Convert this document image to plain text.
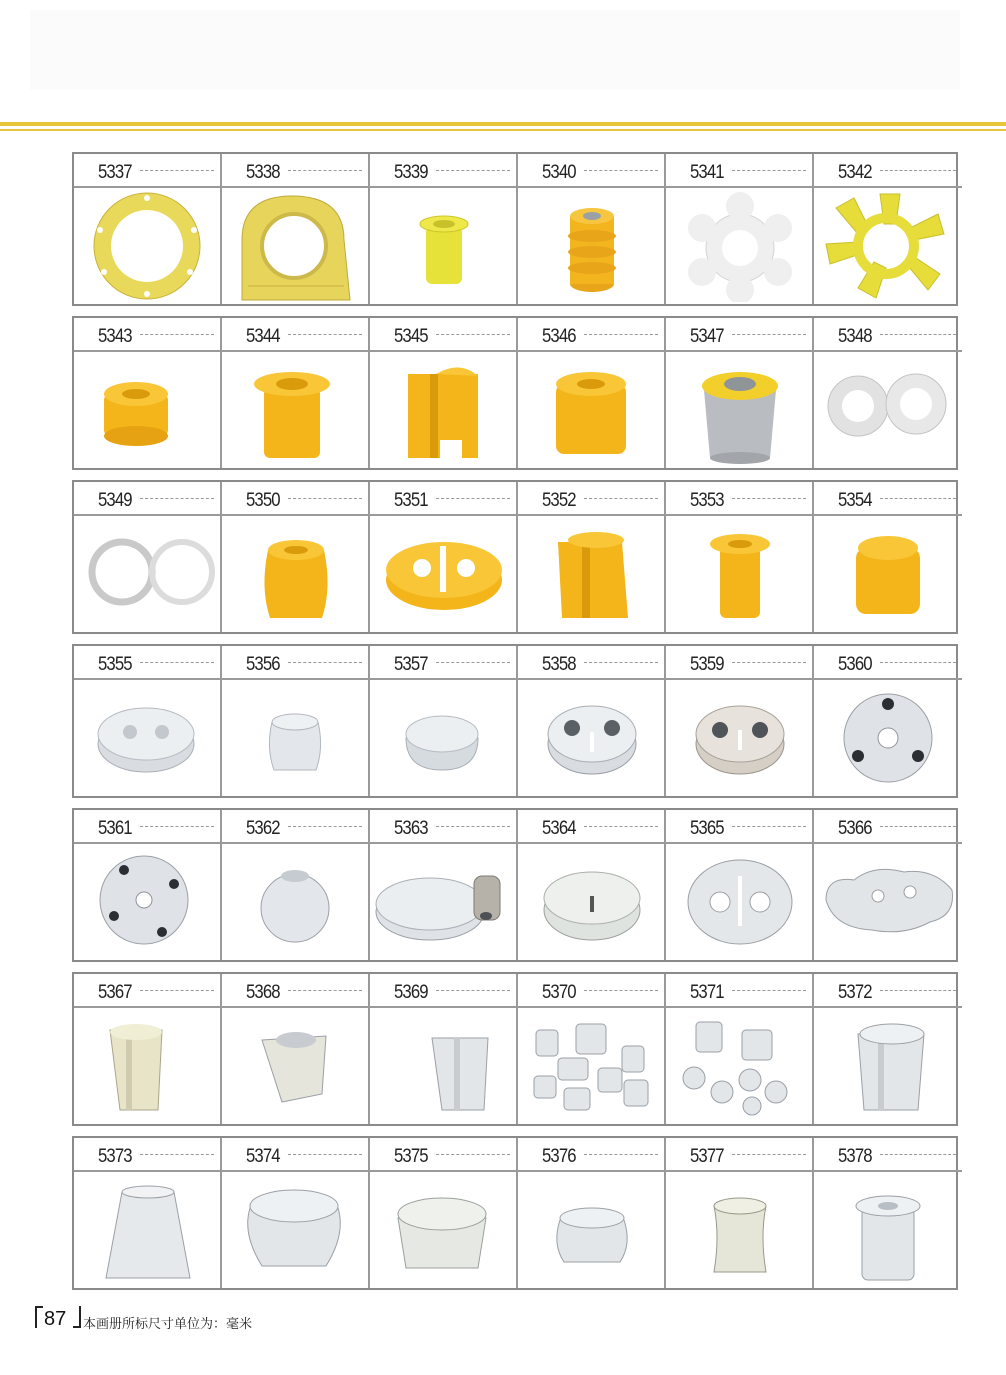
5337	5338	5339	5340	5341	5342
5343	5344	5345	5346	5347	5348
5349	5350	5351	5352	5353	5354
5355	5356	5357	5358	5359	5360
5361	5362	5363	5364	5365	5366
5367	5368	5369	5370	5371	5372
5373	5374	5375	5376	5377	5378
87 本画册所标尺寸单位为：毫米
